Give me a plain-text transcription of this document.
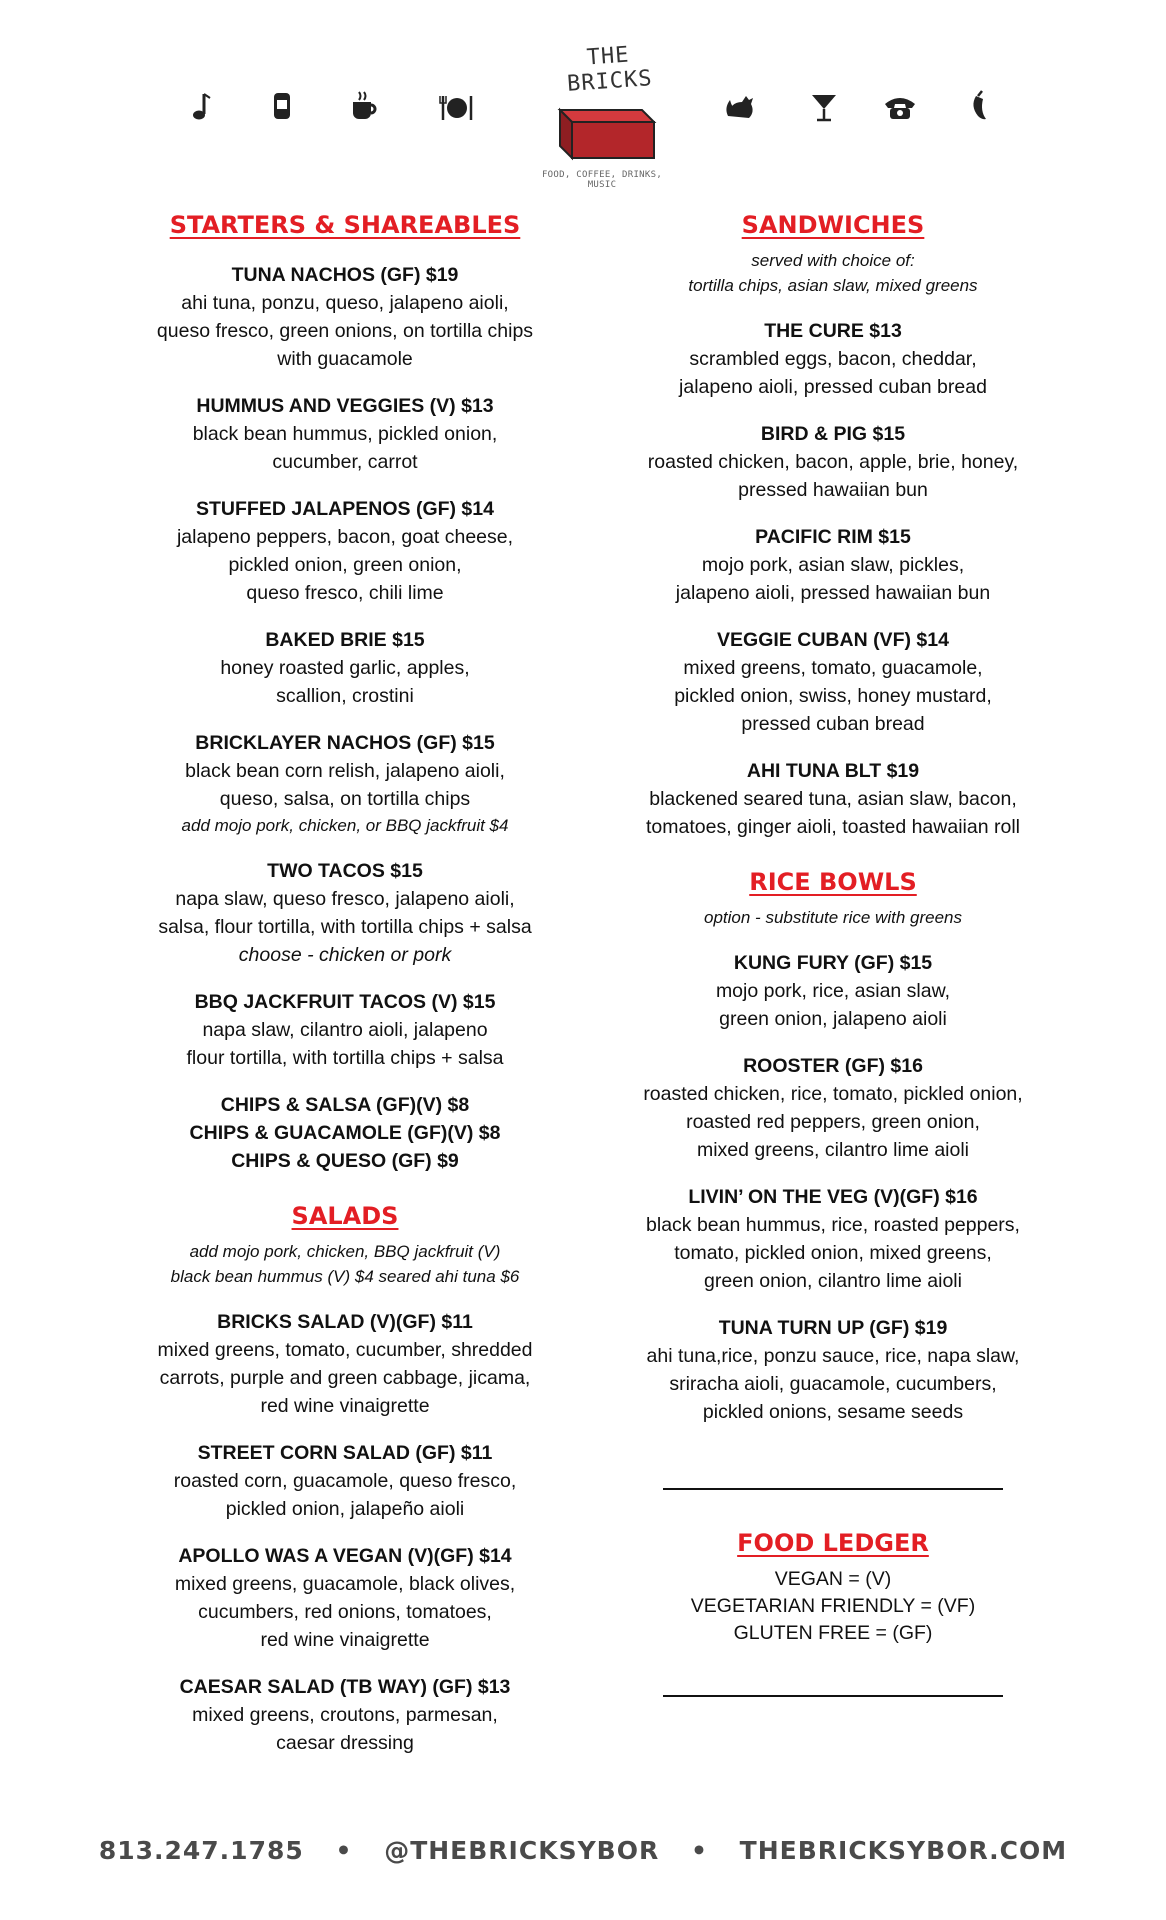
THE BRICKS
FOOD, COFFEE, DRINKS, MUSIC
STARTERS & SHAREABLES
TUNA NACHOS (GF) $19
ahi tuna, ponzu, queso, jalapeno aioli,
queso fresco, green onions, on tortilla chips
with guacamole
HUMMUS AND VEGGIES (V) $13
black bean hummus, pickled onion,
cucumber, carrot
STUFFED JALAPENOS (GF) $14
jalapeno peppers, bacon, goat cheese,
pickled onion, green onion,
queso fresco, chili lime
BAKED BRIE $15
honey roasted garlic, apples,
scallion, crostini
BRICKLAYER NACHOS (GF) $15
black bean corn relish, jalapeno aioli,
queso, salsa, on tortilla chips
add mojo pork, chicken, or BBQ jackfruit $4
TWO TACOS $15
napa slaw, queso fresco, jalapeno aioli,
salsa, flour tortilla, with tortilla chips + salsa
choose - chicken or pork
BBQ JACKFRUIT TACOS (V) $15
napa slaw, cilantro aioli, jalapeno
flour tortilla, with tortilla chips + salsa
CHIPS & SALSA (GF)(V) $8
CHIPS & GUACAMOLE (GF)(V) $8
CHIPS & QUESO (GF) $9
SALADS
add mojo pork, chicken, BBQ jackfruit (V)
black bean hummus (V) $4 seared ahi tuna $6
BRICKS SALAD (V)(GF) $11
mixed greens, tomato, cucumber, shredded
carrots, purple and green cabbage, jicama,
red wine vinaigrette
STREET CORN SALAD (GF) $11
roasted corn, guacamole, queso fresco,
pickled onion, jalapeño aioli
APOLLO WAS A VEGAN (V)(GF) $14
mixed greens, guacamole, black olives,
cucumbers, red onions, tomatoes,
red wine vinaigrette
CAESAR SALAD (TB WAY) (GF) $13
mixed greens, croutons, parmesan,
caesar dressing
SANDWICHES
served with choice of:
tortilla chips, asian slaw, mixed greens
THE CURE $13
scrambled eggs, bacon, cheddar,
jalapeno aioli, pressed cuban bread
BIRD & PIG $15
roasted chicken, bacon, apple, brie, honey,
pressed hawaiian bun
PACIFIC RIM $15
mojo pork, asian slaw, pickles,
jalapeno aioli, pressed hawaiian bun
VEGGIE CUBAN (VF) $14
mixed greens, tomato, guacamole,
pickled onion, swiss, honey mustard,
pressed cuban bread
AHI TUNA BLT $19
blackened seared tuna, asian slaw, bacon,
tomatoes, ginger aioli, toasted hawaiian roll
RICE BOWLS
option - substitute rice with greens
KUNG FURY (GF) $15
mojo pork, rice, asian slaw,
green onion, jalapeno aioli
ROOSTER (GF) $16
roasted chicken, rice, tomato, pickled onion,
roasted red peppers, green onion,
mixed greens, cilantro lime aioli
LIVIN’ ON THE VEG (V)(GF) $16
black bean hummus, rice, roasted peppers,
tomato, pickled onion, mixed greens,
green onion, cilantro lime aioli
TUNA TURN UP (GF) $19
ahi tuna,rice, ponzu sauce, rice, napa slaw,
sriracha aioli, guacamole, cucumbers,
pickled onions, sesame seeds
FOOD LEDGER
VEGAN = (V)
VEGETARIAN FRIENDLY = (VF)
GLUTEN FREE = (GF)
813.247.1785 • @THEBRICKSYBOR • THEBRICKSYBOR.COM
